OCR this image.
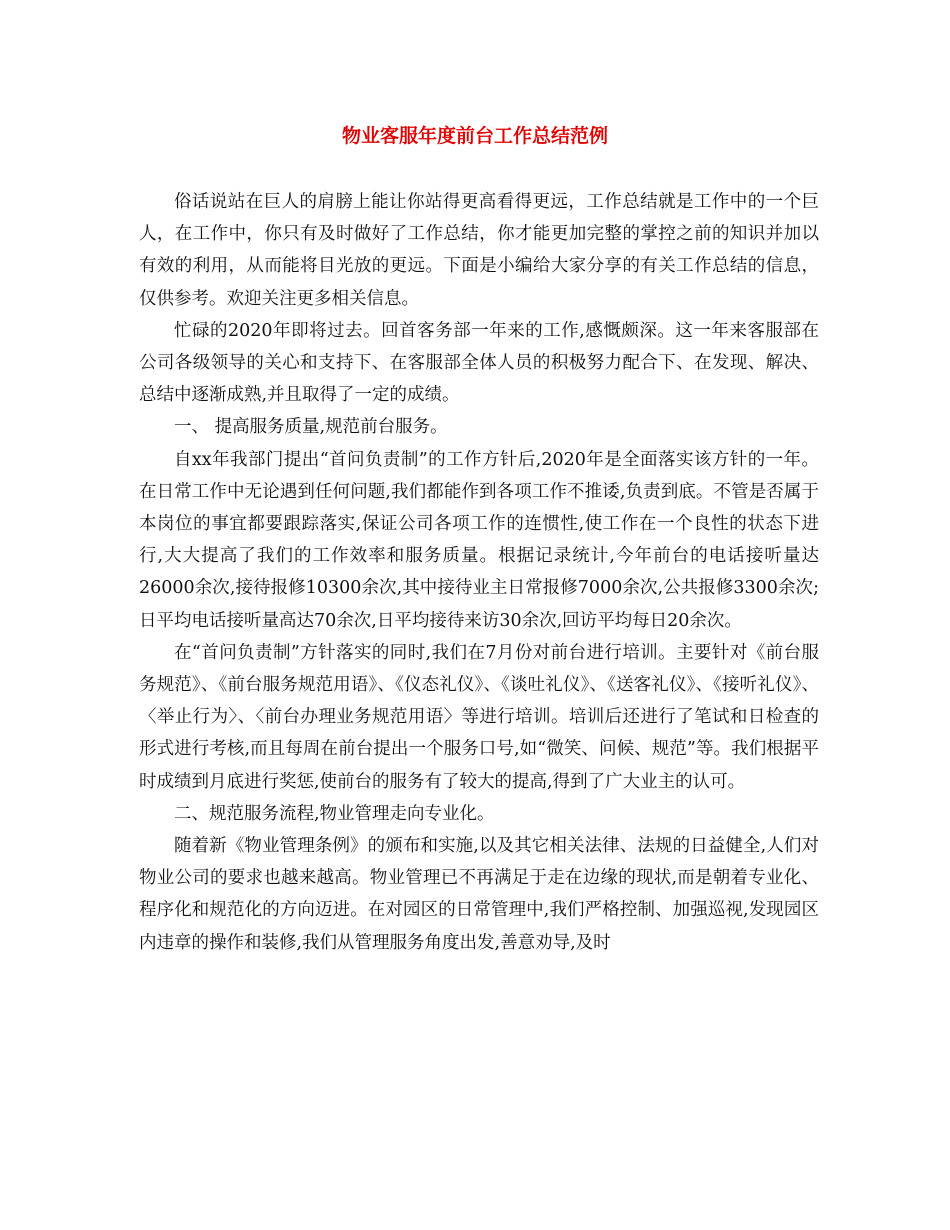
物业客服年度前台工作总结范例

俗话说站在巨人的肩膀上能让你站得更高看得更远，工作总结就是工作中的一个巨人，在工作中，你只有及时做好了工作总结，你才能更加完整的掌控之前的知识并加以有效的利用，从而能将目光放的更远。下面是小编给大家分享的有关工作总结的信息，仅供参考。欢迎关注更多相关信息。

忙碌的2020年即将过去。回首客务部一年来的工作,感慨颇深。这一年来客服部在公司各级领导的关心和支持下、在客服部全体人员的积极努力配合下、在发现、解决、总结中逐渐成熟,并且取得了一定的成绩。

一、 提高服务质量,规范前台服务。

自xx年我部门提出“首问负责制”的工作方针后,2020年是全面落实该方针的一年。在日常工作中无论遇到任何问题,我们都能作到各项工作不推诿,负责到底。不管是否属于本岗位的事宜都要跟踪落实,保证公司各项工作的连惯性,使工作在一个良性的状态下进行,大大提高了我们的工作效率和服务质量。根据记录统计,今年前台的电话接听量达26000余次,接待报修10300余次,其中接待业主日常报修7000余次,公共报修3300余次;日平均电话接听量高达70余次,日平均接待来访30余次,回访平均每日20余次。

在“首问负责制”方针落实的同时,我们在7月份对前台进行培训。主要针对《前台服务规范》、《前台服务规范用语》、《仪态礼仪》、《谈吐礼仪》、《送客礼仪》、《接听礼仪》、〈举止行为〉、〈前台办理业务规范用语〉等进行培训。培训后还进行了笔试和日检查的形式进行考核,而且每周在前台提出一个服务口号,如“微笑、问候、规范”等。我们根据平时成绩到月底进行奖惩,使前台的服务有了较大的提高,得到了广大业主的认可。

二、规范服务流程,物业管理走向专业化。

随着新《物业管理条例》的颁布和实施,以及其它相关法律、法规的日益健全,人们对物业公司的要求也越来越高。物业管理已不再满足于走在边缘的现状,而是朝着专业化、程序化和规范化的方向迈进。在对园区的日常管理中,我们严格控制、加强巡视,发现园区内违章的操作和装修,我们从管理服务角度出发,善意劝导,及时
